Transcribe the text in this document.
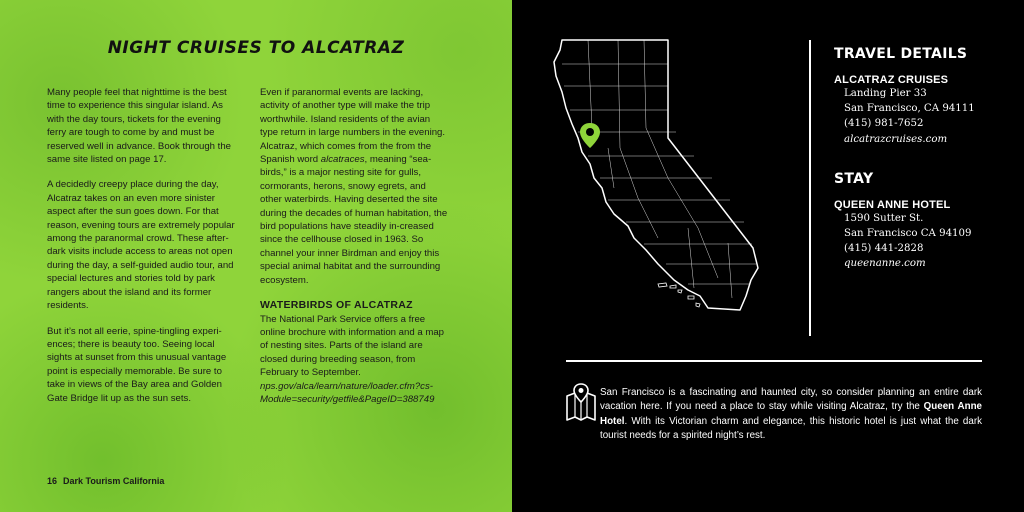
NIGHT CRUISES TO ALCATRAZ

Many people feel that nighttime is the best time to experience this singular island. As with the day tours, tickets for the evening ferry are tough to come by and must be reserved well in advance. Book through the same site listed on page 17.

A decidedly creepy place during the day, Alcatraz takes on an even more sinister aspect after the sun goes down. For that reason, evening tours are extremely popular among the paranormal crowd. These after-dark visits include access to areas not open during the day, a self-guided audio tour, and special lectures and stories told by park rangers about the island and its former residents.

But it’s not all eerie, spine-tingling experi-ences; there is beauty too. Seeing local sights at sunset from this unusual vantage point is especially memorable. Be sure to take in views of the Bay area and Golden Gate Bridge lit up as the sun sets.

Even if paranormal events are lacking, activity of another type will make the trip worthwhile. Island residents of the avian type return in large numbers in the evening. Alcatraz, which comes from the from the Spanish word alcatraces, meaning “sea-birds,” is a major nesting site for gulls, cormorants, herons, snowy egrets, and other waterbirds. Having deserted the site during the decades of human habitation, the bird populations have steadily in-creased since the cellhouse closed in 1963. So channel your inner Birdman and enjoy this special animal habitat and the surrounding ecosystem.

WATERBIRDS OF ALCATRAZ

The National Park Service offers a free online brochure with information and a map of nesting sites. Parts of the island are closed during breeding season, from February to September.

nps.gov/alca/learn/nature/loader.cfm?cs-Module=security/getfile&PageID=388749
16 Dark Tourism California
TRAVEL DETAILS
ALCATRAZ CRUISES
Landing Pier 33
San Francisco, CA 94111
(415) 981-7652
alcatrazcruises.com
STAY
QUEEN ANNE HOTEL
1590 Sutter St.
San Francisco CA 94109
(415) 441-2828
queenanne.com
San Francisco is a fascinating and haunted city, so consider planning an entire dark vacation here. If you need a place to stay while visiting Alcatraz, try the Queen Anne Hotel. With its Victorian charm and elegance, this historic hotel is just what the dark tourist needs for a spirited night’s rest.
